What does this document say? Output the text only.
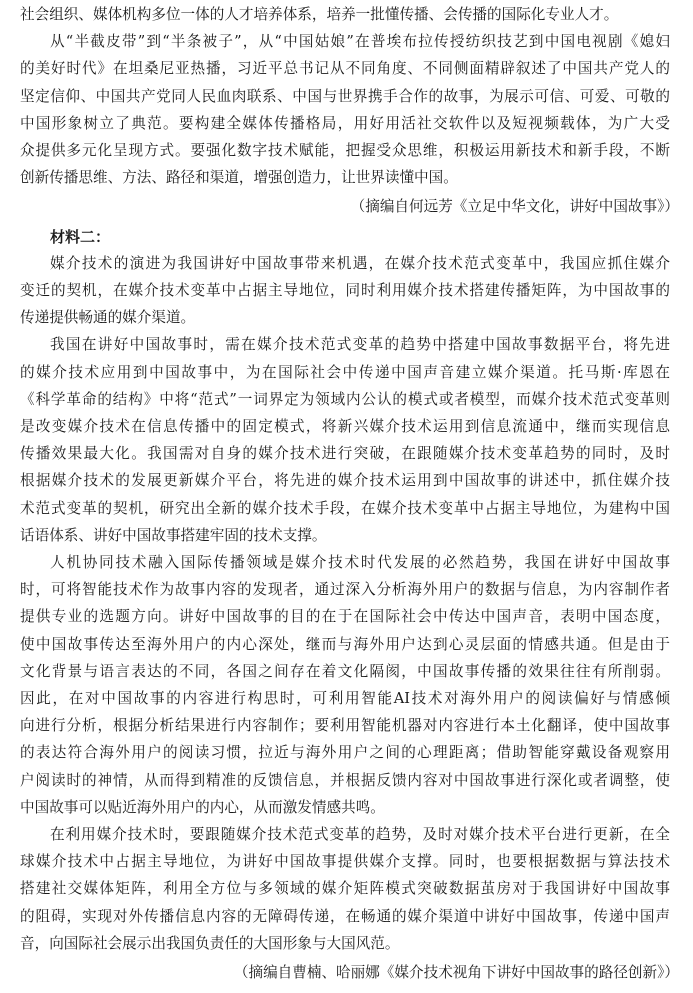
社会组织、媒体机构多位一体的人才培养体系，培养一批懂传播、会传播的国际化专业人才。
从“半截皮带”到“半条被子”，从“中国姑娘”在普埃布拉传授纺织技艺到中国电视剧《媳妇
的美好时代》在坦桑尼亚热播，习近平总书记从不同角度、不同侧面精辟叙述了中国共产党人的
坚定信仰、中国共产党同人民血肉联系、中国与世界携手合作的故事，为展示可信、可爱、可敬的
中国形象树立了典范。要构建全媒体传播格局，用好用活社交软件以及短视频载体，为广大受
众提供多元化呈现方式。要强化数字技术赋能，把握受众思维，积极运用新技术和新手段，不断
创新传播思维、方法、路径和渠道，增强创造力，让世界读懂中国。
（摘编自何远芳《立足中华文化，讲好中国故事》）
材料二：
媒介技术的演进为我国讲好中国故事带来机遇，在媒介技术范式变革中，我国应抓住媒介
变迁的契机，在媒介技术变革中占据主导地位，同时利用媒介技术搭建传播矩阵，为中国故事的
传递提供畅通的媒介渠道。
我国在讲好中国故事时，需在媒介技术范式变革的趋势中搭建中国故事数据平台，将先进
的媒介技术应用到中国故事中，为在国际社会中传递中国声音建立媒介渠道。托马斯·库恩在
《科学革命的结构》中将“范式”一词界定为领域内公认的模式或者模型，而媒介技术范式变革则
是改变媒介技术在信息传播中的固定模式，将新兴媒介技术运用到信息流通中，继而实现信息
传播效果最大化。我国需对自身的媒介技术进行突破，在跟随媒介技术变革趋势的同时，及时
根据媒介技术的发展更新媒介平台，将先进的媒介技术运用到中国故事的讲述中，抓住媒介技
术范式变革的契机，研究出全新的媒介技术手段，在媒介技术变革中占据主导地位，为建构中国
话语体系、讲好中国故事搭建牢固的技术支撑。
人机协同技术融入国际传播领域是媒介技术时代发展的必然趋势，我国在讲好中国故事
时，可将智能技术作为故事内容的发现者，通过深入分析海外用户的数据与信息，为内容制作者
提供专业的选题方向。讲好中国故事的目的在于在国际社会中传达中国声音，表明中国态度，
使中国故事传达至海外用户的内心深处，继而与海外用户达到心灵层面的情感共通。但是由于
文化背景与语言表达的不同，各国之间存在着文化隔阂，中国故事传播的效果往往有所削弱。
因此，在对中国故事的内容进行构思时，可利用智能AI技术对海外用户的阅读偏好与情感倾
向进行分析，根据分析结果进行内容制作；要利用智能机器对内容进行本土化翻译，使中国故事
的表达符合海外用户的阅读习惯，拉近与海外用户之间的心理距离；借助智能穿戴设备观察用
户阅读时的神情，从而得到精准的反馈信息，并根据反馈内容对中国故事进行深化或者调整，使
中国故事可以贴近海外用户的内心，从而激发情感共鸣。
在利用媒介技术时，要跟随媒介技术范式变革的趋势，及时对媒介技术平台进行更新，在全
球媒介技术中占据主导地位，为讲好中国故事提供媒介支撑。同时，也要根据数据与算法技术
搭建社交媒体矩阵，利用全方位与多领域的媒介矩阵模式突破数据茧房对于我国讲好中国故事
的阻碍，实现对外传播信息内容的无障碍传递，在畅通的媒介渠道中讲好中国故事，传递中国声
音，向国际社会展示出我国负责任的大国形象与大国风范。
（摘编自曹楠、哈丽娜《媒介技术视角下讲好中国故事的路径创新》）
